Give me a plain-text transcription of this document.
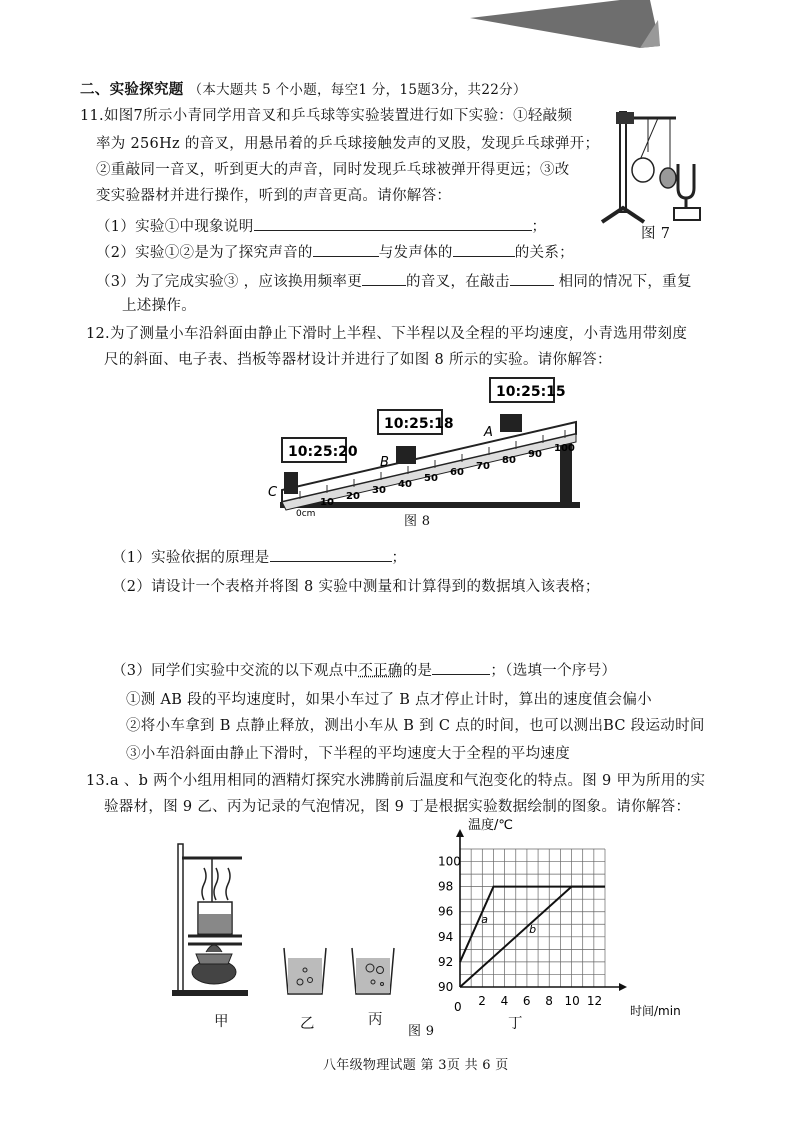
二、实验探究题 （本大题共 5 个小题，每空1 分，15题3分，共22分）
11.如图7所示小青同学用音叉和乒乓球等实验装置进行如下实验：①轻敲频
率为 256Hz 的音叉，用悬吊着的乒乓球接触发声的叉股，发现乒乓球弹开；
②重敲同一音叉，听到更大的声音，同时发现乒乓球被弹开得更远；③改
变实验器材并进行操作，听到的声音更高。请你解答：
（1）实验①中现象说明	；
（2）实验①②是为了探究声音的	与发声体的	的关系；
（3）为了完成实验③ ，应该换用频率更	的音叉，在敲击	相同的情况下，重复
上述操作。
图 7
12.为了测量小车沿斜面由静止下滑时上半程、下半程以及全程的平均速度，小青选用带刻度
尺的斜面、电子表、挡板等器材设计并进行了如图 8 所示的实验。请你解答：
0cm
10
20
30
40
50
60
70
80
90
100
10:25:20
10:25:18
10:25:15
C
B
A
图 8
（1）实验依据的原理是	；
（2）请设计一个表格并将图 8 实验中测量和计算得到的数据填入该表格；
（3）同学们实验中交流的以下观点中不正确的是	；（选填一个序号）
①测 AB 段的平均速度时，如果小车过了 B 点才停止计时，算出的速度值会偏小
②将小车拿到 B 点静止释放，测出小车从 B 到 C 点的时间，也可以测出BC 段运动时间
③小车沿斜面由静止下滑时，下半程的平均速度大于全程的平均速度
13.a 、b 两个小组用相同的酒精灯探究水沸腾前后温度和气泡变化的特点。图 9 甲为所用的实
验器材，图 9 乙、丙为记录的气泡情况，图 9 丁是根据实验数据绘制的图象。请你解答：
甲	乙	丙
图 9	丁
a
b
2 4 6 8 10 12
90
92
94
96
98
100
温度/℃
时间/min
0
八年级物理试题 第 3页 共 6 页
